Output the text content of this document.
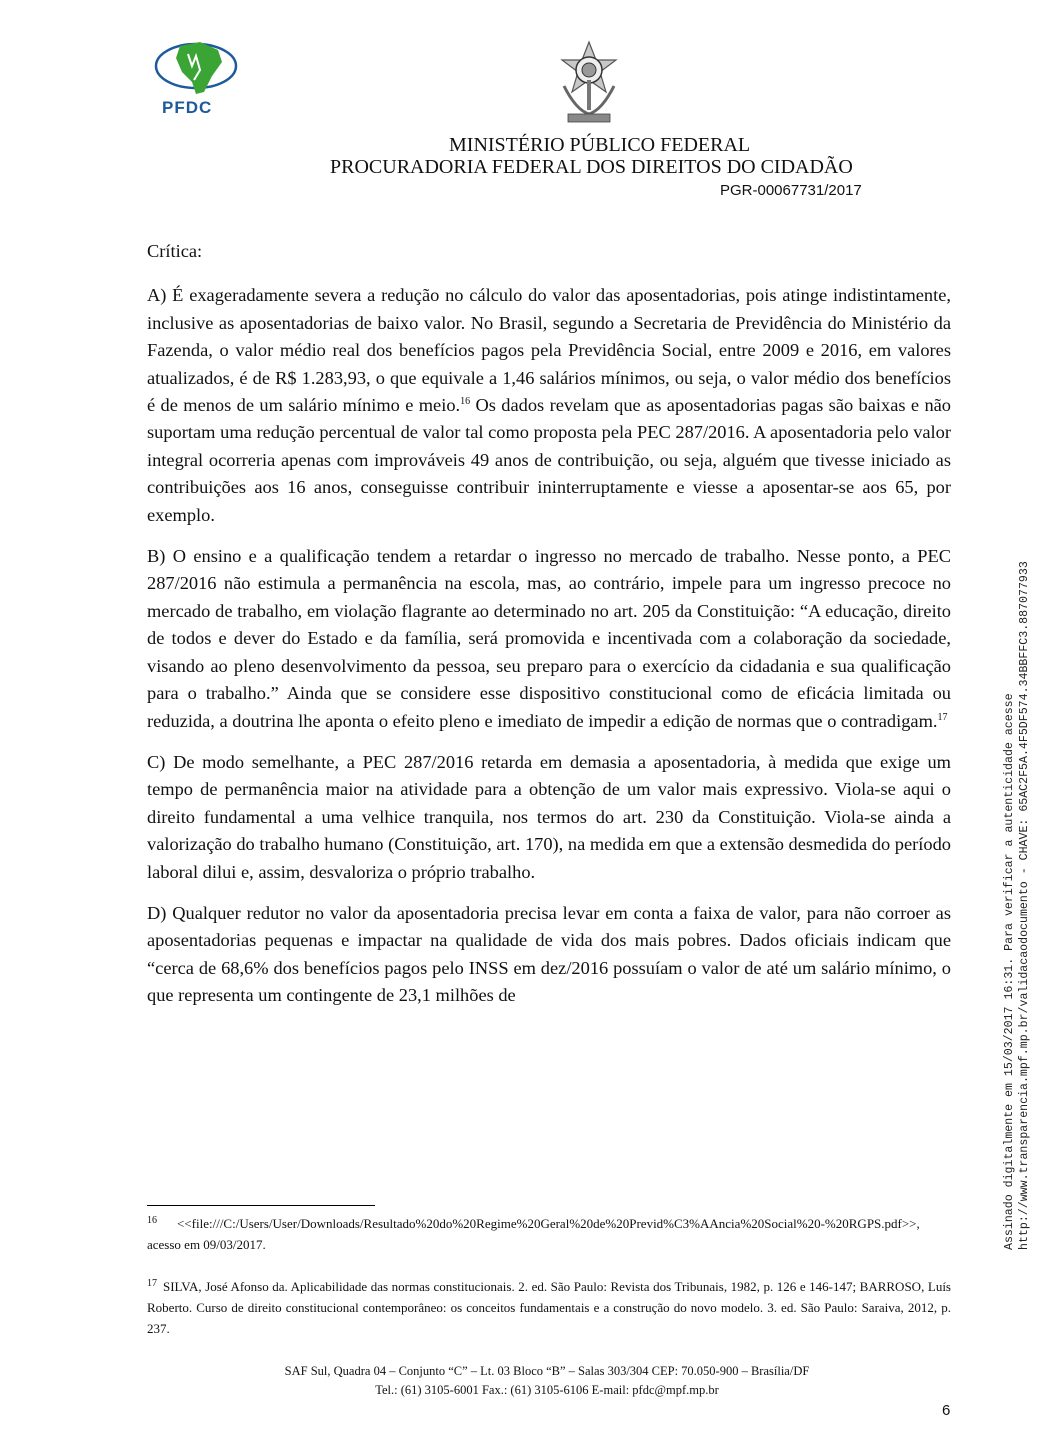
PFDC
MINISTÉRIO PÚBLICO FEDERAL
PROCURADORIA FEDERAL DOS DIREITOS DO CIDADÃO
PGR-00067731/2017

Crítica:

A) É exageradamente severa a redução no cálculo do valor das aposentadorias, pois atinge indistintamente, inclusive as aposentadorias de baixo valor. No Brasil, segundo a Secretaria de Previdência do Ministério da Fazenda, o valor médio real dos benefícios pagos pela Previdência Social, entre 2009 e 2016, em valores atualizados, é de R$ 1.283,93, o que equivale a 1,46 salários mínimos, ou seja, o valor médio dos benefícios é de menos de um salário mínimo e meio.$^{16}$ Os dados revelam que as aposentadorias pagas são baixas e não suportam uma redução percentual de valor tal como proposta pela PEC 287/2016. A aposentadoria pelo valor integral ocorreria apenas com improváveis 49 anos de contribuição, ou seja, alguém que tivesse iniciado as contribuições aos 16 anos, conseguisse contribuir ininterruptamente e viesse a aposentar-se aos 65, por exemplo.

B) O ensino e a qualificação tendem a retardar o ingresso no mercado de trabalho. Nesse ponto, a PEC 287/2016 não estimula a permanência na escola, mas, ao contrário, impele para um ingresso precoce no mercado de trabalho, em violação flagrante ao determinado no art. 205 da Constituição: “A educação, direito de todos e dever do Estado e da família, será promovida e incentivada com a colaboração da sociedade, visando ao pleno desenvolvimento da pessoa, seu preparo para o exercício da cidadania e sua qualificação para o trabalho.” Ainda que se considere esse dispositivo constitucional como de eficácia limitada ou reduzida, a doutrina lhe aponta o efeito pleno e imediato de impedir a edição de normas que o contradigam.$^{17}$

C) De modo semelhante, a PEC 287/2016 retarda em demasia a aposentadoria, à medida que exige um tempo de permanência maior na atividade para a obtenção de um valor mais expressivo. Viola-se aqui o direito fundamental a uma velhice tranquila, nos termos do art. 230 da Constituição. Viola-se ainda a valorização do trabalho humano (Constituição, art. 170), na medida em que a extensão desmedida do período laboral dilui e, assim, desvaloriza o próprio trabalho.

D) Qualquer redutor no valor da aposentadoria precisa levar em conta a faixa de valor, para não corroer as aposentadorias pequenas e impactar na qualidade de vida dos mais pobres. Dados oficiais indicam que “cerca de 68,6% dos benefícios pagos pelo INSS em dez/2016 possuíam o valor de até um salário mínimo, o que representa um contingente de 23,1 milhões de	Assinado digitalmente em 15/03/2017 16:31. Para verificar a autenticidade acesse http://www.transparencia.mpf.mp.br/validacaodocumento - CHAVE: 65AC2F5A.4F5DF574.34BBFFC3.887077933
$^{16}$ <<file:///C:/Users/User/Downloads/Resultado%20do%20Regime%20Geral%20de%20Previd%C3%AAncia%20Social%20-%20RGPS.pdf>>, acesso em 09/03/2017.
$^{17}$ SILVA, José Afonso da. Aplicabilidade das normas constitucionais. 2. ed. São Paulo: Revista dos Tribunais, 1982, p. 126 e 146-147; BARROSO, Luís Roberto. Curso de direito constitucional contemporâneo: os conceitos fundamentais e a construção do novo modelo. 3. ed. São Paulo: Saraiva, 2012, p. 237.
SAF Sul, Quadra 04 – Conjunto “C” – Lt. 03 Bloco “B” – Salas 303/304 CEP: 70.050-900 – Brasília/DF
Tel.: (61) 3105-6001 Fax.: (61) 3105-6106 E-mail: pfdc@mpf.mp.br
6
